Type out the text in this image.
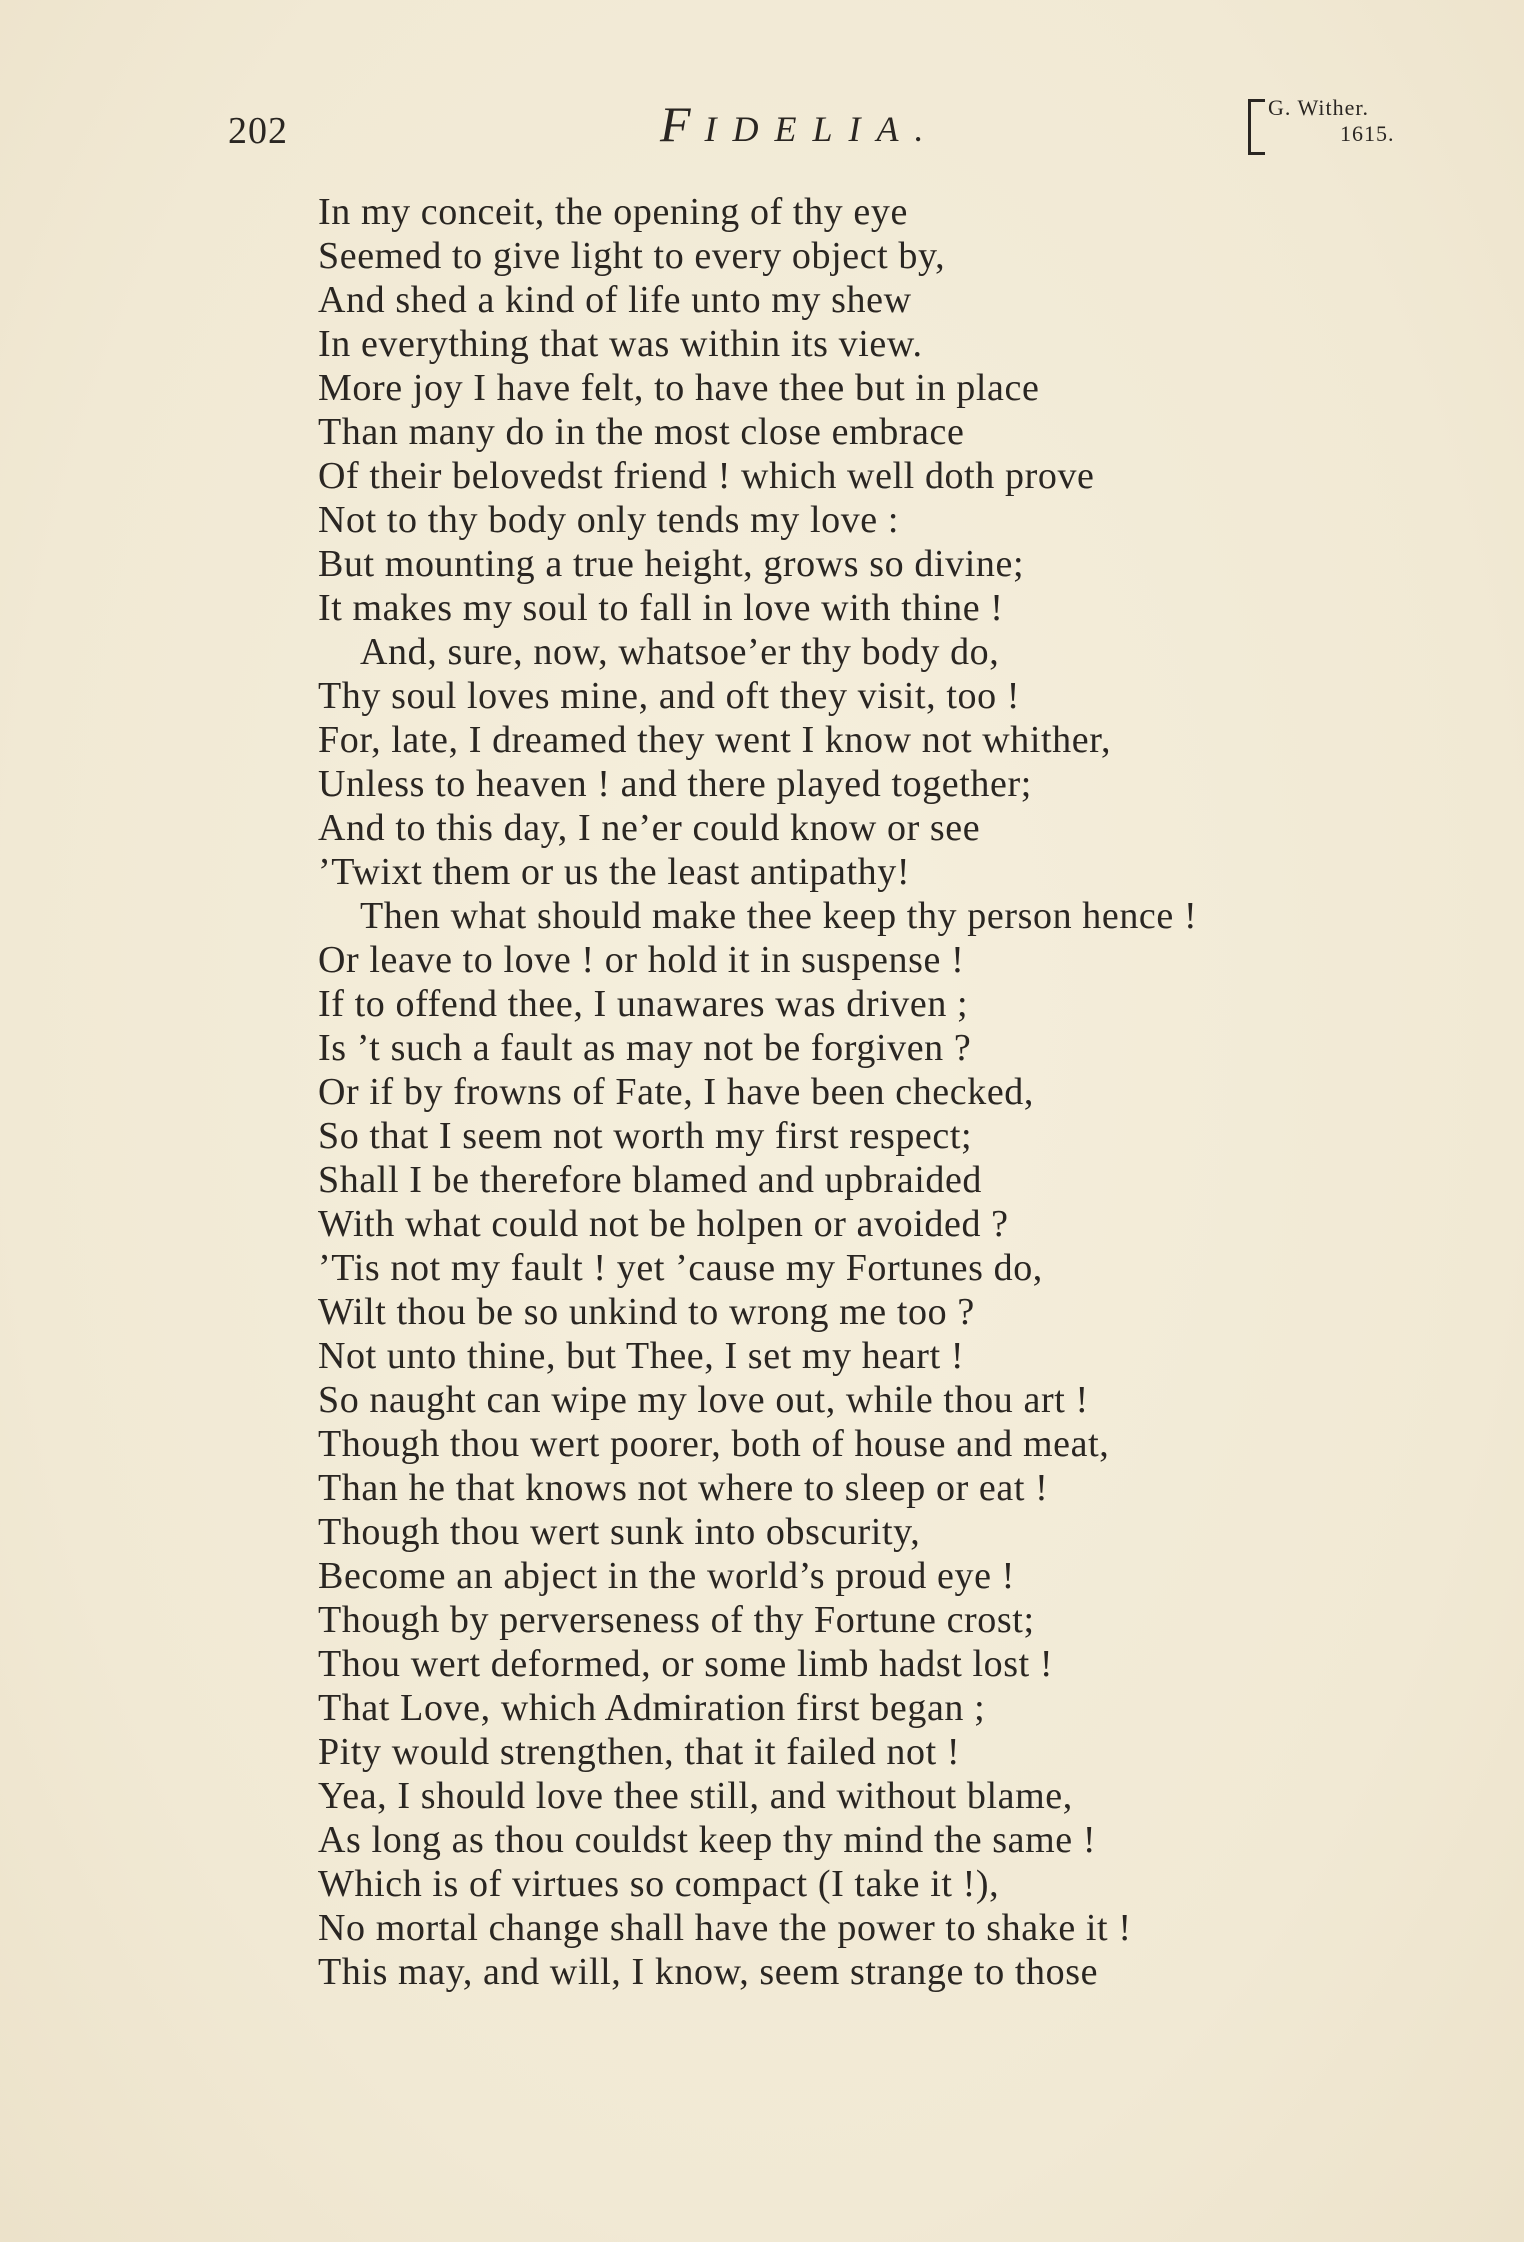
202	FIDELIA.
G. Wither.
1615.
In my conceit, the opening of thy eye
Seemed to give light to every object by,
And shed a kind of life unto my shew
In everything that was within its view.
More joy I have felt, to have thee but in place
Than many do in the most close embrace
Of their belovedst friend ! which well doth prove
Not to thy body only tends my love :
But mounting a true height, grows so divine;
It makes my soul to fall in love with thine !
And, sure, now, whatsoe’er thy body do,
Thy soul loves mine, and oft they visit, too !
For, late, I dreamed they went I know not whither,
Unless to heaven ! and there played together;
And to this day, I ne’er could know or see
’Twixt them or us the least antipathy!
Then what should make thee keep thy person hence !
Or leave to love ! or hold it in suspense !
If to offend thee, I unawares was driven ;
Is ’t such a fault as may not be forgiven ?
Or if by frowns of Fate, I have been checked,
So that I seem not worth my first respect;
Shall I be therefore blamed and upbraided
With what could not be holpen or avoided ?
’Tis not my fault ! yet ’cause my Fortunes do,
Wilt thou be so unkind to wrong me too ?
Not unto thine, but Thee, I set my heart !
So naught can wipe my love out, while thou art !
Though thou wert poorer, both of house and meat,
Than he that knows not where to sleep or eat !
Though thou wert sunk into obscurity,
Become an abject in the world’s proud eye !
Though by perverseness of thy Fortune crost;
Thou wert deformed, or some limb hadst lost !
That Love, which Admiration first began ;
Pity would strengthen, that it failed not !
Yea, I should love thee still, and without blame,
As long as thou couldst keep thy mind the same !
Which is of virtues so compact (I take it !),
No mortal change shall have the power to shake it !
This may, and will, I know, seem strange to those
